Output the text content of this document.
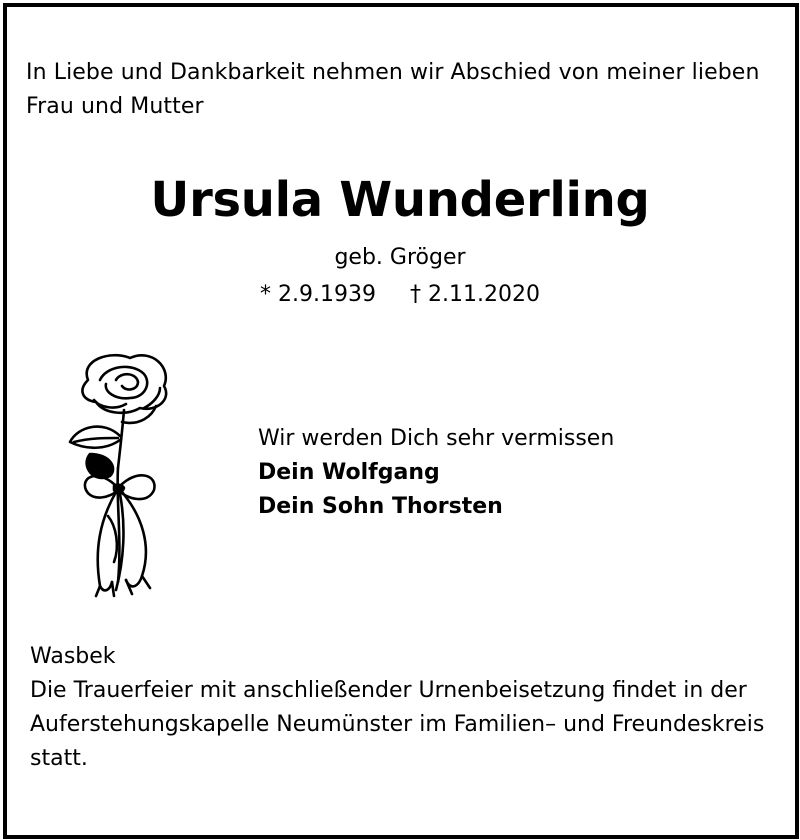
In Liebe und Dankbarkeit nehmen wir Abschied von meiner lieben Frau und Mutter
Ursula Wunderling
geb. Gröger
* 2.9.1939 † 2.11.2020
Wir werden Dich sehr vermissen
Dein Wolfgang
Dein Sohn Thorsten
Wasbek
Die Trauerfeier mit anschließender Urnenbeisetzung findet in der Auferstehungskapelle Neumünster im Familien– und Freundeskreis statt.
